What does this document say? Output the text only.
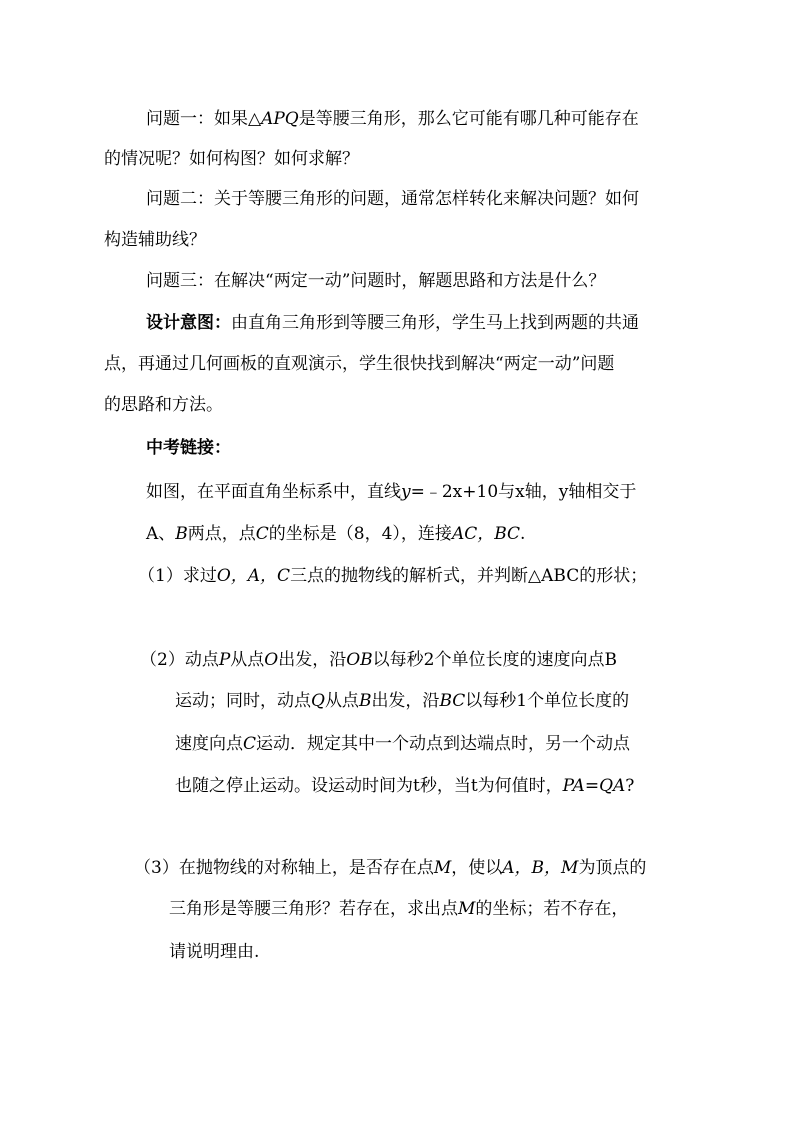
问题一：如果△APQ是等腰三角形，那么它可能有哪几种可能存在
的情况呢？如何构图？如何求解？
问题二：关于等腰三角形的问题，通常怎样转化来解决问题？如何
构造辅助线？
问题三：在解决“两定一动”问题时，解题思路和方法是什么？
设计意图：由直角三角形到等腰三角形，学生马上找到两题的共通
点，再通过几何画板的直观演示，学生很快找到解决“两定一动”问题
的思路和方法。
中考链接：
如图，在平面直角坐标系中，直线y=﹣2x+10与x轴，y轴相交于
A、B两点，点C的坐标是（8，4），连接AC，BC.
（1）求过O，A，C三点的抛物线的解析式，并判断△ABC的形状；
（2）动点P从点O出发，沿OB以每秒2个单位长度的速度向点B
运动；同时，动点Q从点B出发，沿BC以每秒1个单位长度的
速度向点C运动．规定其中一个动点到达端点时，另一个动点
也随之停止运动。设运动时间为t秒，当t为何值时，PA=QA?
（3）在抛物线的对称轴上，是否存在点M，使以A，B，M为顶点的
三角形是等腰三角形？若存在，求出点M的坐标；若不存在，
请说明理由.
